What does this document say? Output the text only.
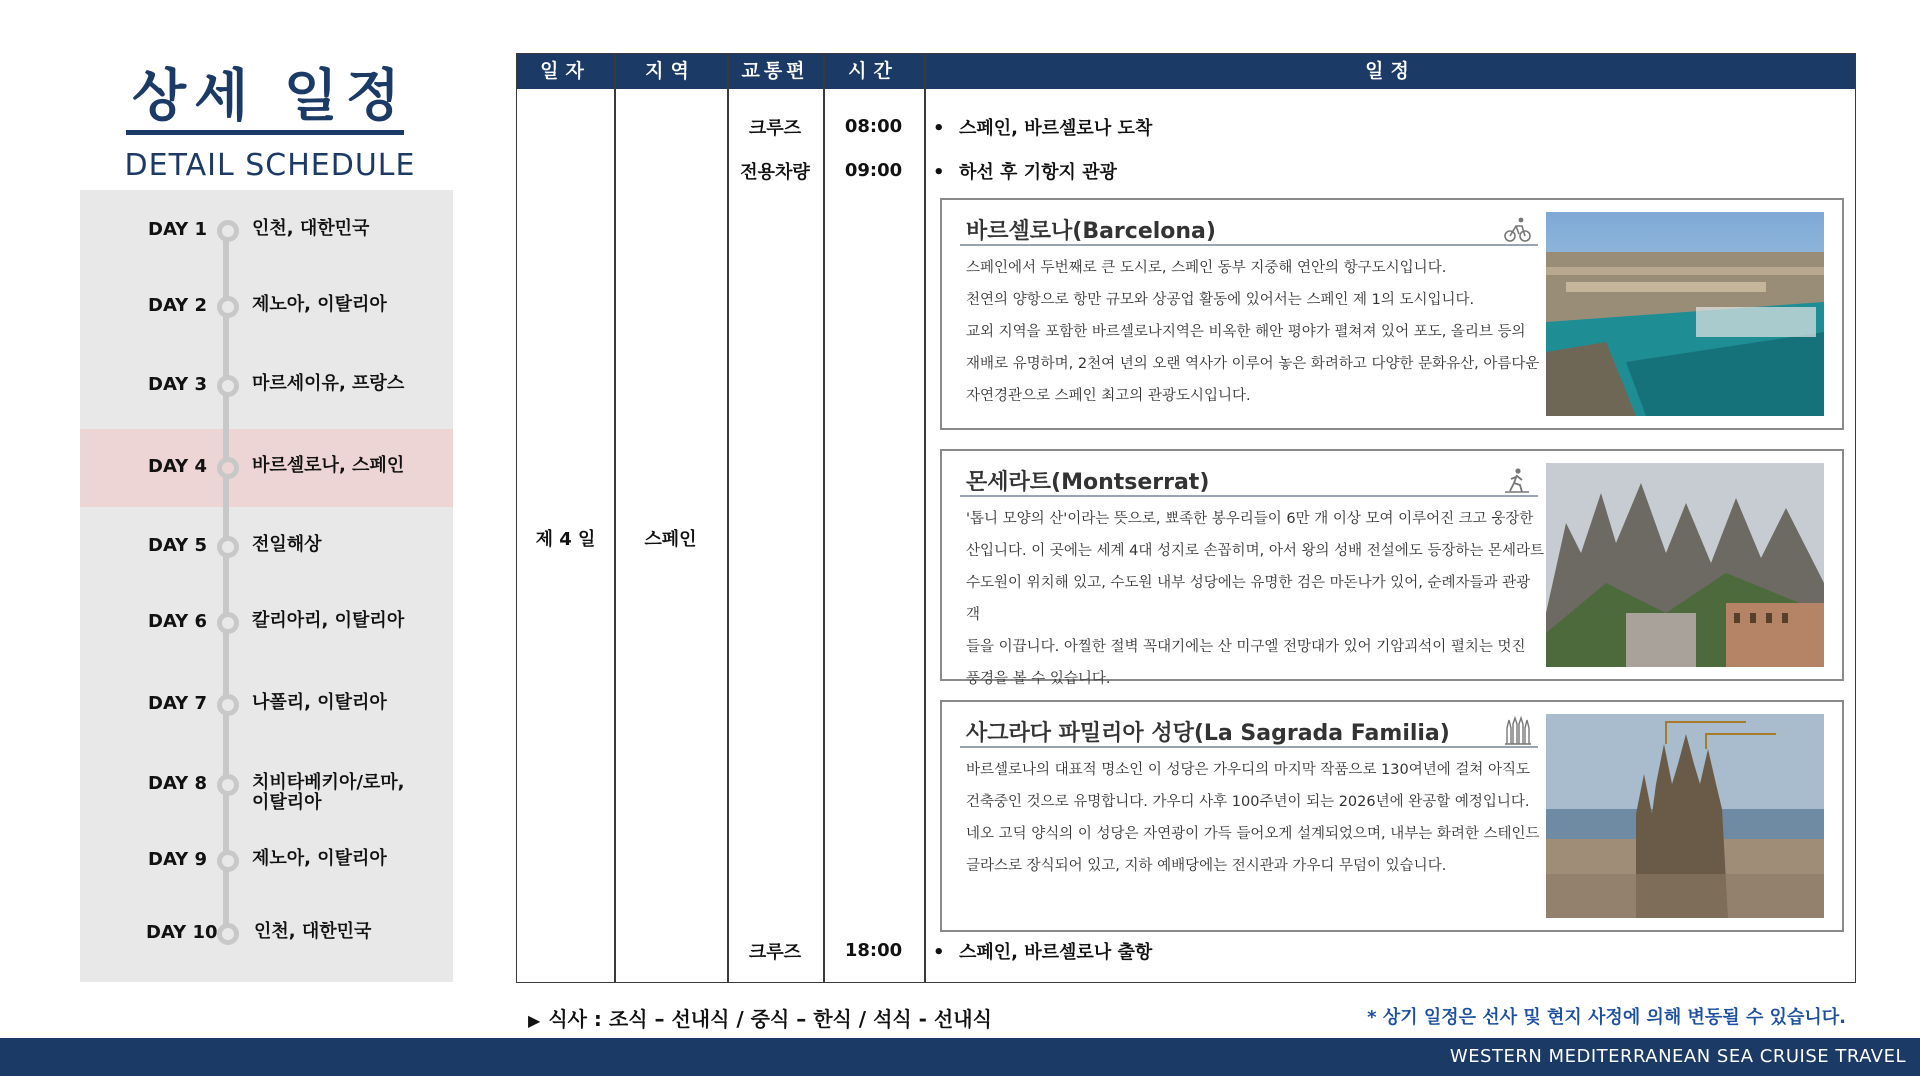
상세 일정
DETAIL SCHEDULE
DAY 1	인천, 대한민국
DAY 2	제노아, 이탈리아
DAY 3	마르세이유, 프랑스
DAY 4	바르셀로나, 스페인
DAY 5	전일해상
DAY 6	칼리아리, 이탈리아
DAY 7	나폴리, 이탈리아
DAY 8	치비타베키아/로마,
이탈리아
DAY 9	제노아, 이탈리아
DAY 10	인천, 대한민국
일자	지역	교통편	시간	일정
제 4 일	스페인
크루즈	08:00	• 스페인, 바르셀로나 도착
전용차량	09:00	• 하선 후 기항지 관광
바르셀로나(Barcelona)
스페인에서 두번째로 큰 도시로, 스페인 동부 지중해 연안의 항구도시입니다.
천연의 양항으로 항만 규모와 상공업 활동에 있어서는 스페인 제 1의 도시입니다.
교외 지역을 포함한 바르셀로나지역은 비옥한 해안 평야가 펼쳐져 있어 포도, 올리브 등의
재배로 유명하며, 2천여 년의 오랜 역사가 이루어 놓은 화려하고 다양한 문화유산, 아름다운
자연경관으로 스페인 최고의 관광도시입니다.
몬세라트(Montserrat)
'톱니 모양의 산'이라는 뜻으로, 뾰족한 봉우리들이 6만 개 이상 모여 이루어진 크고 웅장한
산입니다. 이 곳에는 세계 4대 성지로 손꼽히며, 아서 왕의 성배 전설에도 등장하는 몬세라트
수도원이 위치해 있고, 수도원 내부 성당에는 유명한 검은 마돈나가 있어, 순례자들과 관광객
들을 이끕니다. 아찔한 절벽 꼭대기에는 산 미구엘 전망대가 있어 기암괴석이 펼치는 멋진
풍경을 볼 수 있습니다.
사그라다 파밀리아 성당(La Sagrada Familia)
바르셀로나의 대표적 명소인 이 성당은 가우디의 마지막 작품으로 130여년에 걸쳐 아직도
건축중인 것으로 유명합니다. 가우디 사후 100주년이 되는 2026년에 완공할 예정입니다.
네오 고딕 양식의 이 성당은 자연광이 가득 들어오게 설계되었으며, 내부는 화려한 스테인드
글라스로 장식되어 있고, 지하 예배당에는 전시관과 가우디 무덤이 있습니다.
크루즈	18:00	• 스페인, 바르셀로나 출항
▶ 식사 : 조식 – 선내식 / 중식 – 한식 / 석식 - 선내식	* 상기 일정은 선사 및 현지 사정에 의해 변동될 수 있습니다.
WESTERN MEDITERRANEAN SEA CRUISE TRAVEL
